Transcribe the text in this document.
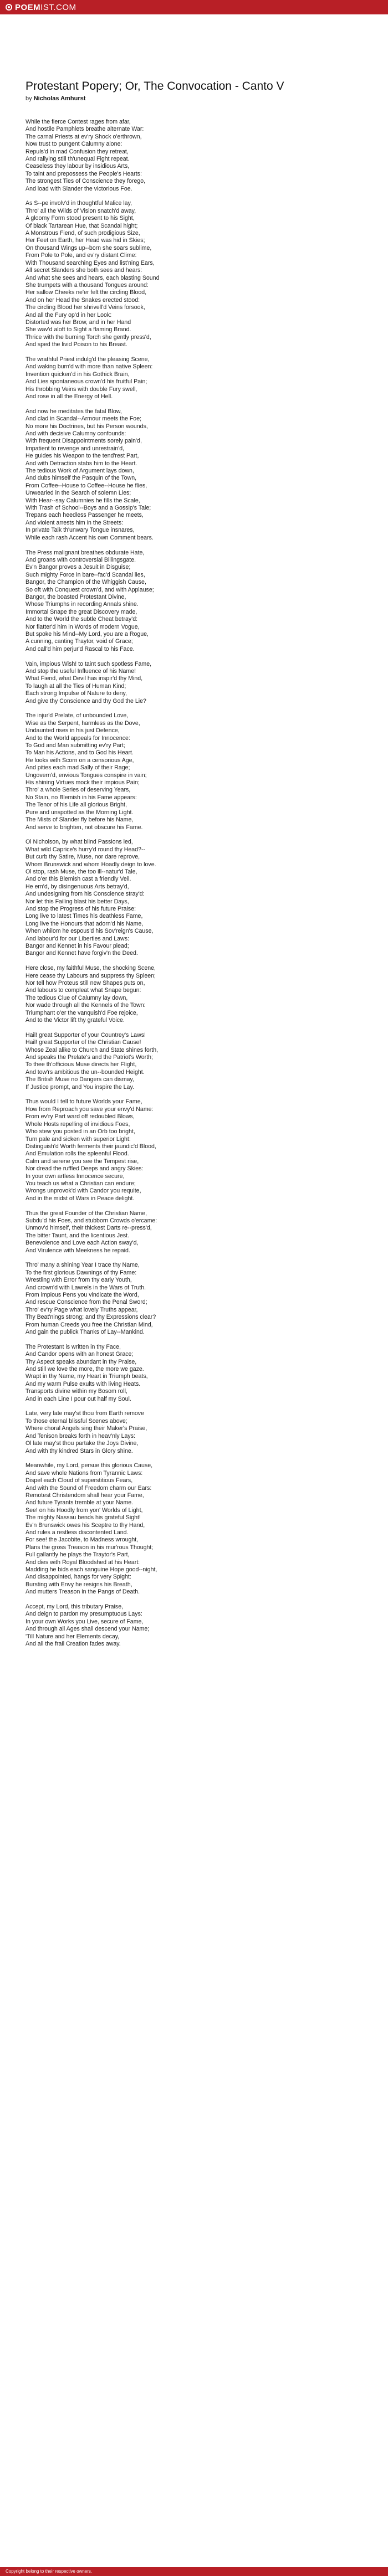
POEM IST.COM
Protestant Popery; Or, The Convocation - Canto V
by Nicholas Amhurst
While the fierce Contest rages from afar,
And hostile Pamphlets breathe alternate War:
The carnal Priests at ev'ry Shock o'erthrown,
Now trust to pungent Calumny alone:
Repuls'd in mad Confusion they retreat,
And rallying still th'unequal Fight repeat.
Ceaseless they labour by insidious Arts,
To taint and prepossess the People's Hearts:
The strongest Ties of Conscience they forego,
And load with Slander the victorious Foe.
As S--pe involv'd in thoughtful Malice lay,
Thro' all the Wilds of Vision snatch'd away,
A gloomy Form stood present to his Sight,
Of black Tartarean Hue, that Scandal hight;
A Monstrous Fiend, of such prodigious Size,
Her Feet on Earth, her Head was hid in Skies;
On thousand Wings up--born she soars sublime,
From Pole to Pole, and ev'ry distant Clime:
With Thousand searching Eyes and list'ning Ears,
All secret Slanders she both sees and hears:
And what she sees and hears, each blasting Sound
She trumpets with a thousand Tongues around:
Her sallow Cheeks ne'er felt the circling Blood,
And on her Head the Snakes erected stood:
The circling Blood her shrivell'd Veins forsook,
And all the Fury op'd in her Look:
Distorted was her Brow, and in her Hand
She wav'd aloft to Sight a flaming Brand.
Thrice with the burning Torch she gently press'd,
And sped the livid Poison to his Breast.
The wrathful Priest indulg'd the pleasing Scene,
And waking burn'd with more than native Spleen:
Invention quicken'd in his Gothick Brain,
And Lies spontaneous crown'd his fruitful Pain;
His throbbing Veins with double Fury swell,
And rose in all the Energy of Hell.
And now he meditates the fatal Blow,
And clad in Scandal--Armour meets the Foe;
No more his Doctrines, but his Person wounds,
And with decisive Calumny confounds:
With frequent Disappointments sorely pain'd,
Impatient to revenge and unrestrain'd,
He guides his Weapon to the tend'rest Part,
And with Detraction stabs him to the Heart.
The tedious Work of Argument lays down,
And dubs himself the Pasquin of the Town,
From Coffee--House to Coffee--House he flies,
Unwearied in the Search of solemn Lies;
With Hear--say Calumnies he fills the Scale,
With Trash of School--Boys and a Gossip's Tale;
Trepans each heedless Passenger he meets,
And violent arrests him in the Streets:
In private Talk th'unwary Tongue insnares,
While each rash Accent his own Comment bears.
The Press malignant breathes obdurate Hate,
And groans with controversial Billingsgate.
Ev'n Bangor proves a Jesuit in Disguise;
Such mighty Force in bare--fac'd Scandal lies,
Bangor, the Champion of the Whiggish Cause,
So oft with Conquest crown'd, and with Applause;
Bangor, the boasted Protestant Divine,
Whose Triumphs in recording Annals shine.
Immortal Snape the great Discovery made,
And to the World the subtle Cheat betray'd:
Nor flatter'd him in Words of modern Vogue,
But spoke his Mind--My Lord, you are a Rogue,
A cunning, canting Traytor, void of Grace;
And call'd him perjur'd Rascal to his Face.
Vain, impious Wish! to taint such spotless Fame,
And stop the useful Influence of his Name!
What Fiend, what Devil has inspir'd thy Mind,
To laugh at all the Ties of Human Kind;
Each strong Impulse of Nature to deny,
And give thy Conscience and thy God the Lie?
The injur'd Prelate, of unbounded Love,
Wise as the Serpent, harmless as the Dove,
Undaunted rises in his just Defence,
And to the World appeals for Innocence:
To God and Man submitting ev'ry Part;
To Man his Actions, and to God his Heart.
He looks with Scorn on a censorious Age,
And pities each mad Sally of their Rage;
Ungovern'd, envious Tongues conspire in vain;
His shining Virtues mock their impious Pain;
Thro' a whole Series of deserving Years,
No Stain, no Blemish in his Fame appears:
The Tenor of his Life all glorious Bright,
Pure and unspotted as the Morning Light.
The Mists of Slander fly before his Name,
And serve to brighten, not obscure his Fame.
Ol Nicholson, by what blind Passions led,
What wild Caprice's hurry'd round thy Head?--
But curb thy Satire, Muse, nor dare reprove,
Whom Brunswick and whom Hoadly deign to love.
Ol stop, rash Muse, the too ill--natur'd Tale,
And o'er this Blemish cast a friendly Veil.
He ern'd, by disingenuous Arts betray'd,
And undesigning from his Conscience stray'd:
Nor let this Failing blast his better Days,
And stop the Progress of his future Praise:
Long live to latest Times his deathless Fame,
Long live the Honours that adorn'd his Name,
When whilom he espous'd his Sov'reign's Cause,
And labour'd for our Liberties and Laws:
Bangor and Kennet in his Favour plead;
Bangor and Kennet have forgiv'n the Deed.
Here close, my faithful Muse, the shocking Scene,
Here cease thy Labours and suppress thy Spleen;
Nor tell how Proteus still new Shapes puts on,
And labours to compleat what Snape begun:
The tedious Clue of Calumny lay down,
Nor wade through all the Kennels of the Town:
Triumphant o'er the vanquish'd Foe rejoice,
And to the Victor lift thy grateful Voice.
Hail! great Supporter of your Countrey's Laws!
Hail! great Supporter of the Christian Cause!
Whose Zeal alike to Church and State shines forth,
And speaks the Prelate's and the Patriot's Worth;
To thee th'officious Muse directs her Flight,
And tow'rs ambitious the un--bounded Height.
The British Muse no Dangers can dismay,
If Justice prompt, and You inspire the Lay.
Thus would I tell to future Worlds your Fame,
How from Reproach you save your envy'd Name:
From ev'ry Part ward off redoubled Blows,
Whole Hosts repelling of invidious Foes,
Who stew you posted in an Orb too bright,
Turn pale and sicken with superior Light:
Distinguish'd Worth ferments their jaundic'd Blood,
And Emulation rolls the spleenful Flood.
Calm and serene you see the Tempest rise,
Nor dread the ruffled Deeps and angry Skies:
In your own artless Innocence secure,
You teach us what a Christian can endure;
Wrongs unprovok'd with Candor you requite,
And in the midst of Wars in Peace delight.
Thus the great Founder of the Christian Name,
Subdu'd his Foes, and stubborn Crowds o'ercame:
Unmov'd himself, their thickest Darts re--press'd,
The bitter Taunt, and the licentious Jest.
Benevolence and Love each Action sway'd,
And Virulence with Meekness he repaid.
Thro' many a shining Year I trace thy Name,
To the first glorious Dawnings of thy Fame:
Wrestling with Error from thy early Youth,
And crown'd with Lawrels in the Wars of Truth.
From impious Pens you vindicate the Word,
And rescue Conscience from the Penal Sword;
Thro' ev'ry Page what lovely Truths appear,
Thy Beat'nings strong; and thy Expressions clear?
From human Creeds you free the Christian Mind,
And gain the publick Thanks of Lay--Mankind.
The Protestant is written in thy Face,
And Candor opens with an honest Grace;
Thy Aspect speaks abundant in thy Praise,
And still we love the more, the more we gaze.
Wrapt in thy Name, my Heart in Triumph beats,
And my warm Pulse exults with living Heats.
Transports divine within my Bosom roll,
And in each Line I pour out half my Soul.
Late, very late may'st thou from Earth remove
To those eternal blissful Scenes above;
Where choral Angels sing their Maker's Praise,
And Tenison breaks forth in heav'nly Lays:
Ol late may'st thou partake the Joys Divine,
And with thy kindred Stars in Glory shine.
Meanwhile, my Lord, persue this glorious Cause,
And save whole Nations from Tyrannic Laws:
Dispel each Cloud of superstitious Fears,
And with the Sound of Freedom charm our Ears:
Remotest Christendom shall hear your Fame,
And future Tyrants tremble at your Name.
See! on his Hoodly from yon' Worlds of Light,
The mighty Nassau bends his grateful Sight!
Ev'n Brunswick owes his Sceptre to thy Hand,
And rules a restless discontented Land.
For see! the Jacobite, to Madness wrought,
Plans the gross Treason in his mur'rous Thought;
Full gallantly he plays the Traytor's Part,
And dies with Royal Bloodshed at his Heart:
Madding he bids each sanguine Hope good--night,
And disappointed, hangs for very Spight:
Bursting with Envy he resigns his Breath,
And mutters Treason in the Pangs of Death.
Accept, my Lord, this tributary Praise,
And deign to pardon my presumptuous Lays:
In your own Works you Live, secure of Fame,
And through all Ages shall descend your Name;
'Till Nature and her Elements decay,
And all the frail Creation fades away.
Copyright belong to their respective owners.
